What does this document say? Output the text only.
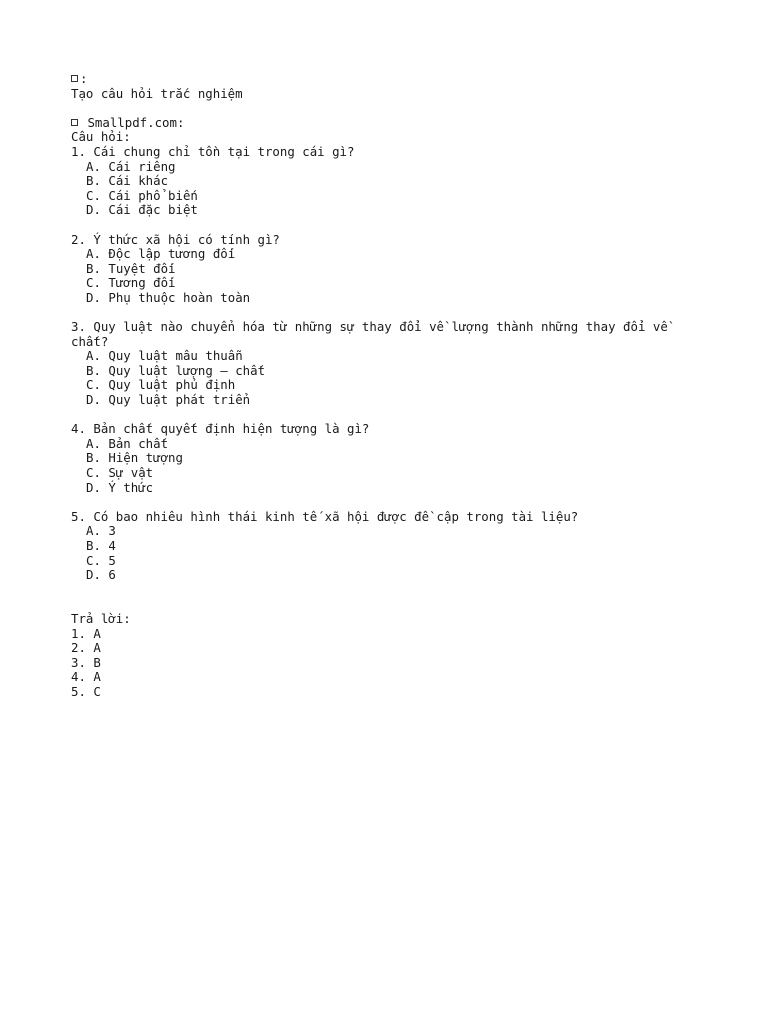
:
Tạo câu hỏi trắc nghiệm
Smallpdf.com:
Câu hỏi:
1. Cái chung chỉ tồn tại trong cái gì?
A. Cái riêng
B. Cái khác
C. Cái phổ biến
D. Cái đặc biệt
2. Ý thức xã hội có tính gì?
A. Độc lập tương đối
B. Tuyệt đối
C. Tương đối
D. Phụ thuộc hoàn toàn
3. Quy luật nào chuyển hóa từ những sự thay đổi về lượng thành những thay đổi về chất?
A. Quy luật mâu thuẫn
B. Quy luật lượng – chất
C. Quy luật phủ định
D. Quy luật phát triển
4. Bản chất quyết định hiện tượng là gì?
A. Bản chất
B. Hiện tượng
C. Sự vật
D. Ý thức
5. Có bao nhiêu hình thái kinh tế xã hội được đề cập trong tài liệu?
A. 3
B. 4
C. 5
D. 6
Trả lời:
1. A
2. A
3. B
4. A
5. C
